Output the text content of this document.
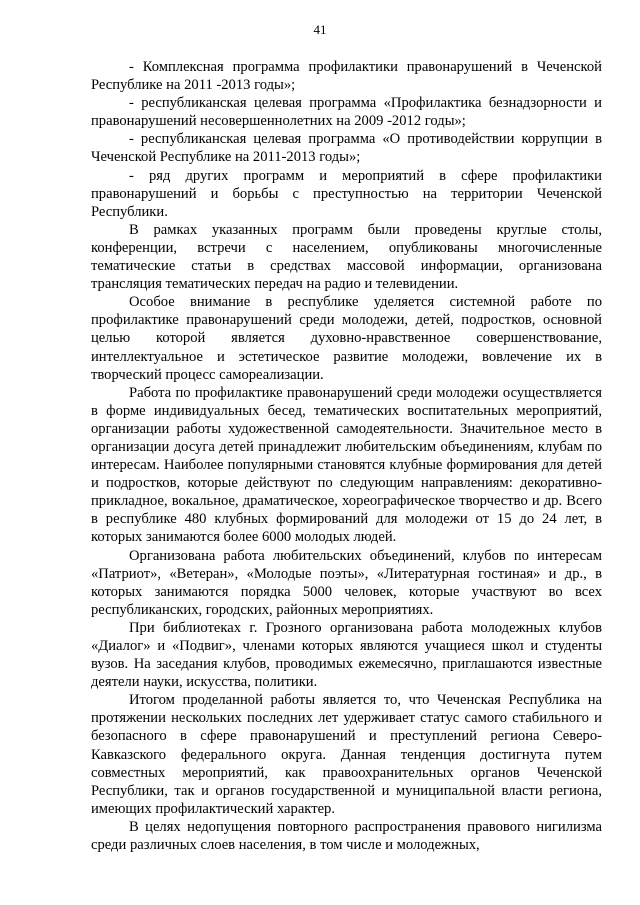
41

- Комплексная программа профилактики правонарушений в Чеченской Республике на 2011 -2013 годы»;

- республиканская целевая программа «Профилактика безнадзорности и правонарушений несовершеннолетних на 2009 -2012 годы»;

- республиканская целевая программа «О противодействии коррупции в Чеченской Республике на 2011-2013 годы»;

- ряд других программ и мероприятий в сфере профилактики правонарушений и борьбы с преступностью на территории Чеченской Республики.

В рамках указанных программ были проведены круглые столы, конференции, встречи с населением, опубликованы многочисленные тематические статьи в средствах массовой информации, организована трансляция тематических передач на радио и телевидении.

Особое внимание в республике уделяется системной работе по профилактике правонарушений среди молодежи, детей, подростков, основной целью которой является духовно-нравственное совершенствование, интеллектуальное и эстетическое развитие молодежи, вовлечение их в творческий процесс самореализации.

Работа по профилактике правонарушений среди молодежи осуществляется в форме индивидуальных бесед, тематических воспитательных мероприятий, организации работы художественной самодеятельности. Значительное место в организации досуга детей принадлежит любительским объединениям, клубам по интересам. Наиболее популярными становятся клубные формирования для детей и подростков, которые действуют по следующим направлениям: декоративно-прикладное, вокальное, драматическое, хореографическое творчество и др. Всего в республике 480 клубных формирований для молодежи от 15 до 24 лет, в которых занимаются более 6000 молодых людей.

Организована работа любительских объединений, клубов по интересам «Патриот», «Ветеран», «Молодые поэты», «Литературная гостиная» и др., в которых занимаются порядка 5000 человек, которые участвуют во всех республиканских, городских, районных мероприятиях.

При библиотеках г. Грозного организована работа молодежных клубов «Диалог» и «Подвиг», членами которых являются учащиеся школ и студенты вузов. На заседания клубов, проводимых ежемесячно, приглашаются известные деятели науки, искусства, политики.

Итогом проделанной работы является то, что Чеченская Республика на протяжении нескольких последних лет удерживает статус самого стабильного и безопасного в сфере правонарушений и преступлений региона Северо-Кавказского федерального округа. Данная тенденция достигнута путем совместных мероприятий, как правоохранительных органов Чеченской Республики, так и органов государственной и муниципальной власти региона, имеющих профилактический характер.

В целях недопущения повторного распространения правового нигилизма среди различных слоев населения, в том числе и молодежных,
